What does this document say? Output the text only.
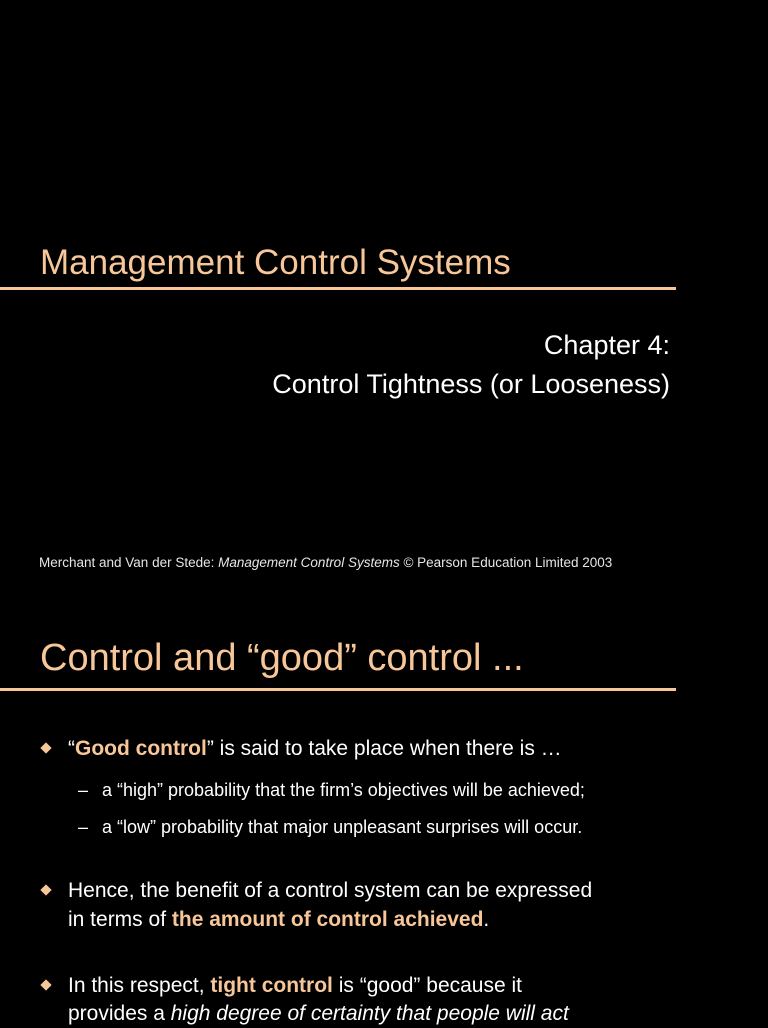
Management Control Systems
Chapter 4:
Control Tightness (or Looseness)
Merchant and Van der Stede: Management Control Systems © Pearson Education Limited 2003
Control and “good” control ...
“Good control” is said to take place when there is …
– a “high” probability that the firm’s objectives will be achieved;
– a “low” probability that major unpleasant surprises will occur.
Hence, the benefit of a control system can be expressed
in terms of the amount of control achieved.
In this respect, tight control is “good” because it
provides a high degree of certainty that people will act
